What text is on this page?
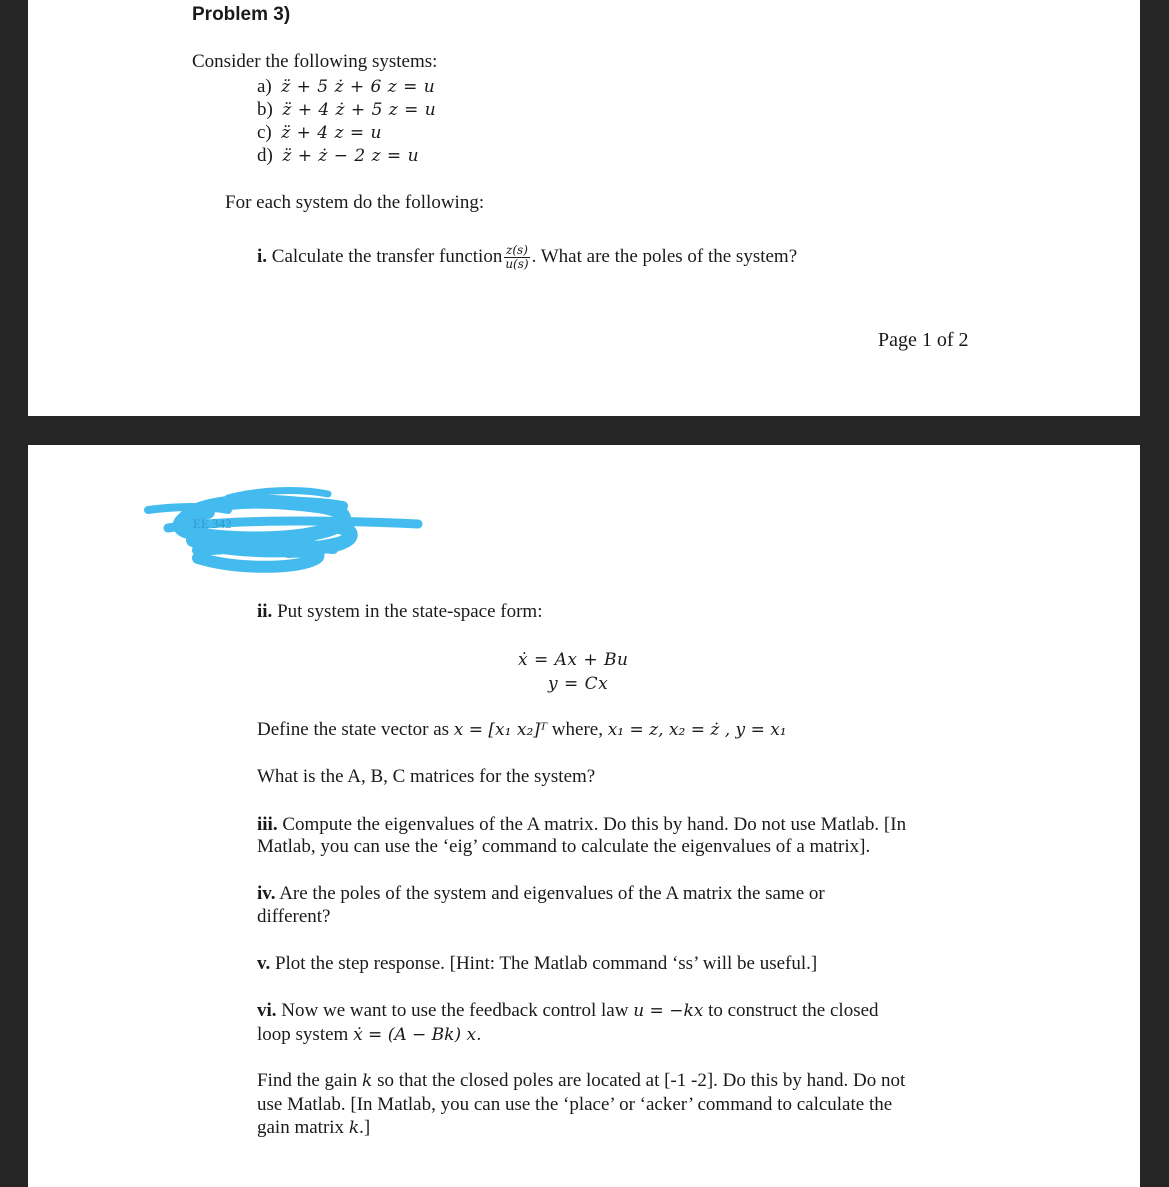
Problem 3)
Consider the following systems:
a) z̈ + 5 ż + 6 z = u
b) z̈ + 4 ż + 5 z = u
c) z̈ + 4 z = u
d) z̈ + ż − 2 z = u
For each system do the following:
i. Calculate the transfer function $\frac{z(s)}{u(s)}$ . What are the poles of the system?
Page 1 of 2
EE 342
ii. Put system in the state-space form:
ẋ = Ax + Bu
y = Cx
Define the state vector as x = [x₁ x₂]ᵀ where, x₁ = z, x₂ = ż , y = x₁
What is the A, B, C matrices for the system?
iii. Compute the eigenvalues of the A matrix. Do this by hand. Do not use Matlab. [In
Matlab, you can use the ‘eig’ command to calculate the eigenvalues of a matrix].
iv. Are the poles of the system and eigenvalues of the A matrix the same or
different?
v. Plot the step response. [Hint: The Matlab command ‘ss’ will be useful.]
vi. Now we want to use the feedback control law u = −kx to construct the closed
loop system ẋ = (A − Bk) x.
Find the gain k so that the closed poles are located at [-1 -2]. Do this by hand. Do not
use Matlab. [In Matlab, you can use the ‘place’ or ‘acker’ command to calculate the
gain matrix k.]
